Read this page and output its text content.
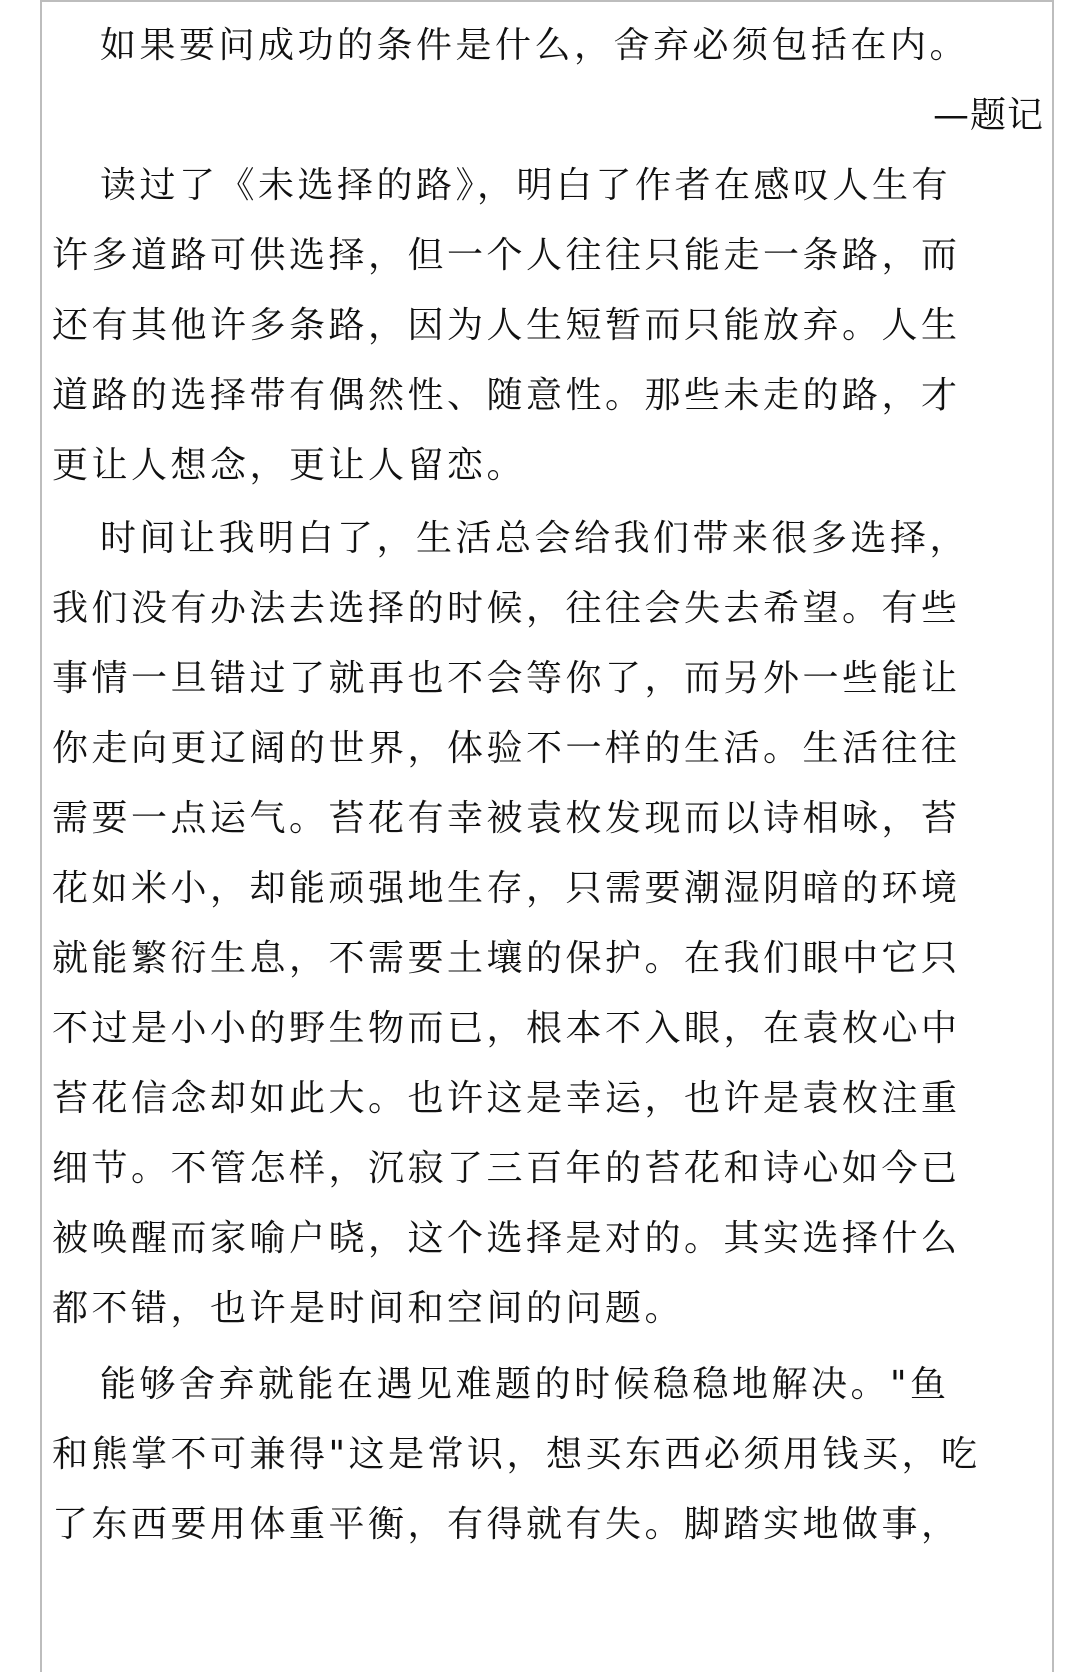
如果要问成功的条件是什么，舍弃必须包括在内。
—题记
读过了《未选择的路》，明白了作者在感叹人生有
许多道路可供选择，但一个人往往只能走一条路，而
还有其他许多条路，因为人生短暂而只能放弃。人生
道路的选择带有偶然性、随意性。那些未走的路，才
更让人想念，更让人留恋。
时间让我明白了，生活总会给我们带来很多选择，
我们没有办法去选择的时候，往往会失去希望。有些
事情一旦错过了就再也不会等你了，而另外一些能让
你走向更辽阔的世界，体验不一样的生活。生活往往
需要一点运气。苔花有幸被袁枚发现而以诗相咏，苔
花如米小，却能顽强地生存，只需要潮湿阴暗的环境
就能繁衍生息，不需要土壤的保护。在我们眼中它只
不过是小小的野生物而已，根本不入眼，在袁枚心中
苔花信念却如此大。也许这是幸运，也许是袁枚注重
细节。不管怎样，沉寂了三百年的苔花和诗心如今已
被唤醒而家喻户晓，这个选择是对的。其实选择什么
都不错，也许是时间和空间的问题。
能够舍弃就能在遇见难题的时候稳稳地解决。"鱼
和熊掌不可兼得"这是常识，想买东西必须用钱买，吃
了东西要用体重平衡，有得就有失。脚踏实地做事，
